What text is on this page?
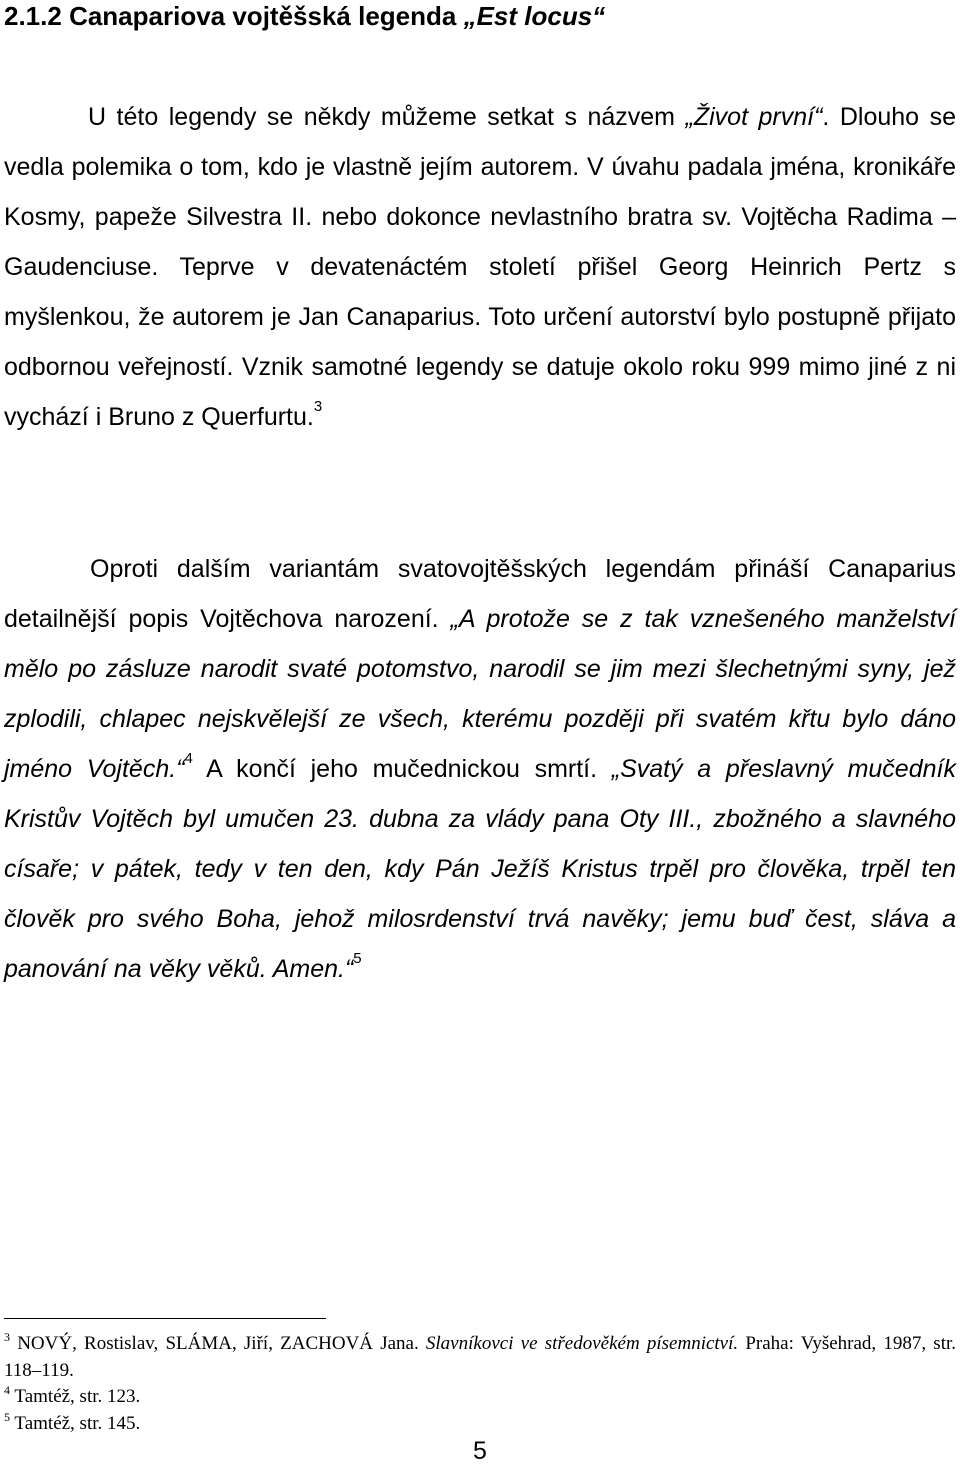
2.1.2 Canapariova vojtěšská legenda „Est locus“

U této legendy se někdy můžeme setkat s názvem „Život první“. Dlouho se vedla polemika o tom, kdo je vlastně jejím autorem. V úvahu padala jména, kronikáře Kosmy, papeže Silvestra II. nebo dokonce nevlastního bratra sv. Vojtěcha Radima – Gaudenciuse. Teprve v devatenáctém století přišel Georg Heinrich Pertz s myšlenkou, že autorem je Jan Canaparius. Toto určení autorství bylo postupně přijato odbornou veřejností. Vznik samotné legendy se datuje okolo roku 999 mimo jiné z ni vychází i Bruno z Querfurtu.$^3$

Oproti dalším variantám svatovojtěšských legendám přináší Canaparius detailnější popis Vojtěchova narození. „A protože se z tak vznešeného manželství mělo po zásluze narodit svaté potomstvo, narodil se jim mezi šlechetnými syny, jež zplodili, chlapec nejskvělejší ze všech, kterému později při svatém křtu bylo dáno jméno Vojtěch.“$^4$ A končí jeho mučednickou smrtí. „Svatý a přeslavný mučedník Kristův Vojtěch byl umučen 23. dubna za vlády pana Oty III., zbožného a slavného císaře; v pátek, tedy v ten den, kdy Pán Ježíš Kristus trpěl pro člověka, trpěl ten člověk pro svého Boha, jehož milosrdenství trvá navěky; jemu buď čest, sláva a panování na věky věků. Amen.“$^5$

$^3$ NOVÝ, Rostislav, SLÁMA, Jiří, ZACHOVÁ Jana. Slavníkovci ve středověkém písemnictví. Praha: Vyšehrad, 1987, str. 118–119.

$^4$ Tamtéž, str. 123.

$^5$ Tamtéž, str. 145.

5
